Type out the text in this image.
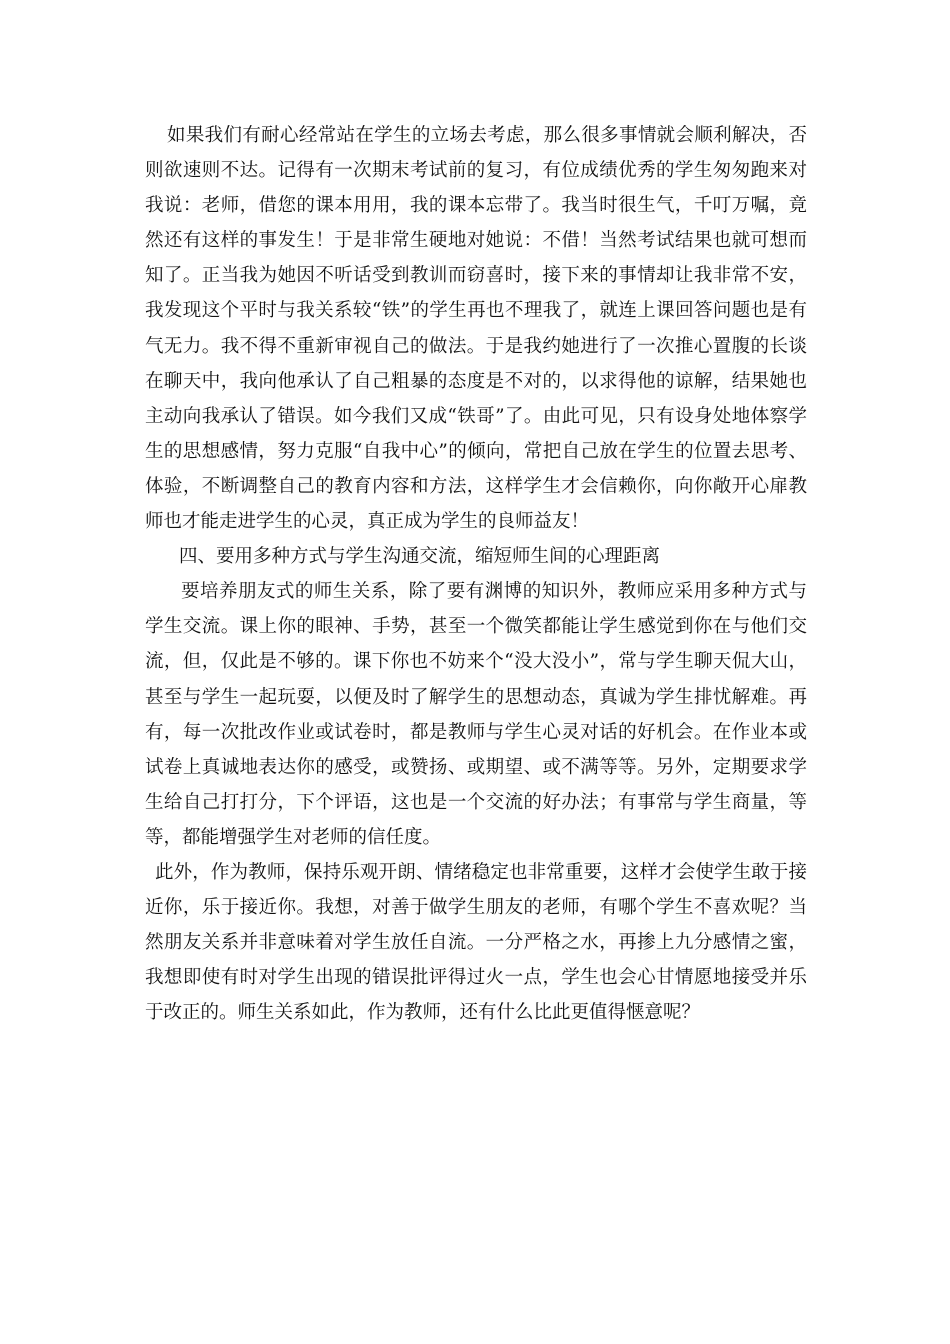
如果我们有耐心经常站在学生的立场去考虑，那么很多事情就会顺利解决，否则欲速则不达。记得有一次期末考试前的复习，有位成绩优秀的学生匆匆跑来对我说：老师，借您的课本用用，我的课本忘带了。我当时很生气，千叮万嘱，竟然还有这样的事发生！于是非常生硬地对她说：不借！当然考试结果也就可想而知了。正当我为她因不听话受到教训而窃喜时，接下来的事情却让我非常不安，我发现这个平时与我关系较“铁”的学生再也不理我了，就连上课回答问题也是有气无力。我不得不重新审视自己的做法。于是我约她进行了一次推心置腹的长谈在聊天中，我向他承认了自己粗暴的态度是不对的，以求得他的谅解，结果她也主动向我承认了错误。如今我们又成“铁哥”了。由此可见，只有设身处地体察学生的思想感情，努力克服“自我中心”的倾向，常把自己放在学生的位置去思考、体验，不断调整自己的教育内容和方法，这样学生才会信赖你，向你敞开心扉教师也才能走进学生的心灵，真正成为学生的良师益友！

四、要用多种方式与学生沟通交流，缩短师生间的心理距离

要培养朋友式的师生关系，除了要有渊博的知识外，教师应采用多种方式与学生交流。课上你的眼神、手势，甚至一个微笑都能让学生感觉到你在与他们交流，但，仅此是不够的。课下你也不妨来个“没大没小”，常与学生聊天侃大山，甚至与学生一起玩耍，以便及时了解学生的思想动态，真诚为学生排忧解难。再有，每一次批改作业或试卷时，都是教师与学生心灵对话的好机会。在作业本或试卷上真诚地表达你的感受，或赞扬、或期望、或不满等等。另外，定期要求学生给自己打打分，下个评语，这也是一个交流的好办法；有事常与学生商量，等等，都能增强学生对老师的信任度。

此外，作为教师，保持乐观开朗、情绪稳定也非常重要，这样才会使学生敢于接近你，乐于接近你。我想，对善于做学生朋友的老师，有哪个学生不喜欢呢？当然朋友关系并非意味着对学生放任自流。一分严格之水，再掺上九分感情之蜜，我想即使有时对学生出现的错误批评得过火一点，学生也会心甘情愿地接受并乐于改正的。师生关系如此，作为教师，还有什么比此更值得惬意呢？
